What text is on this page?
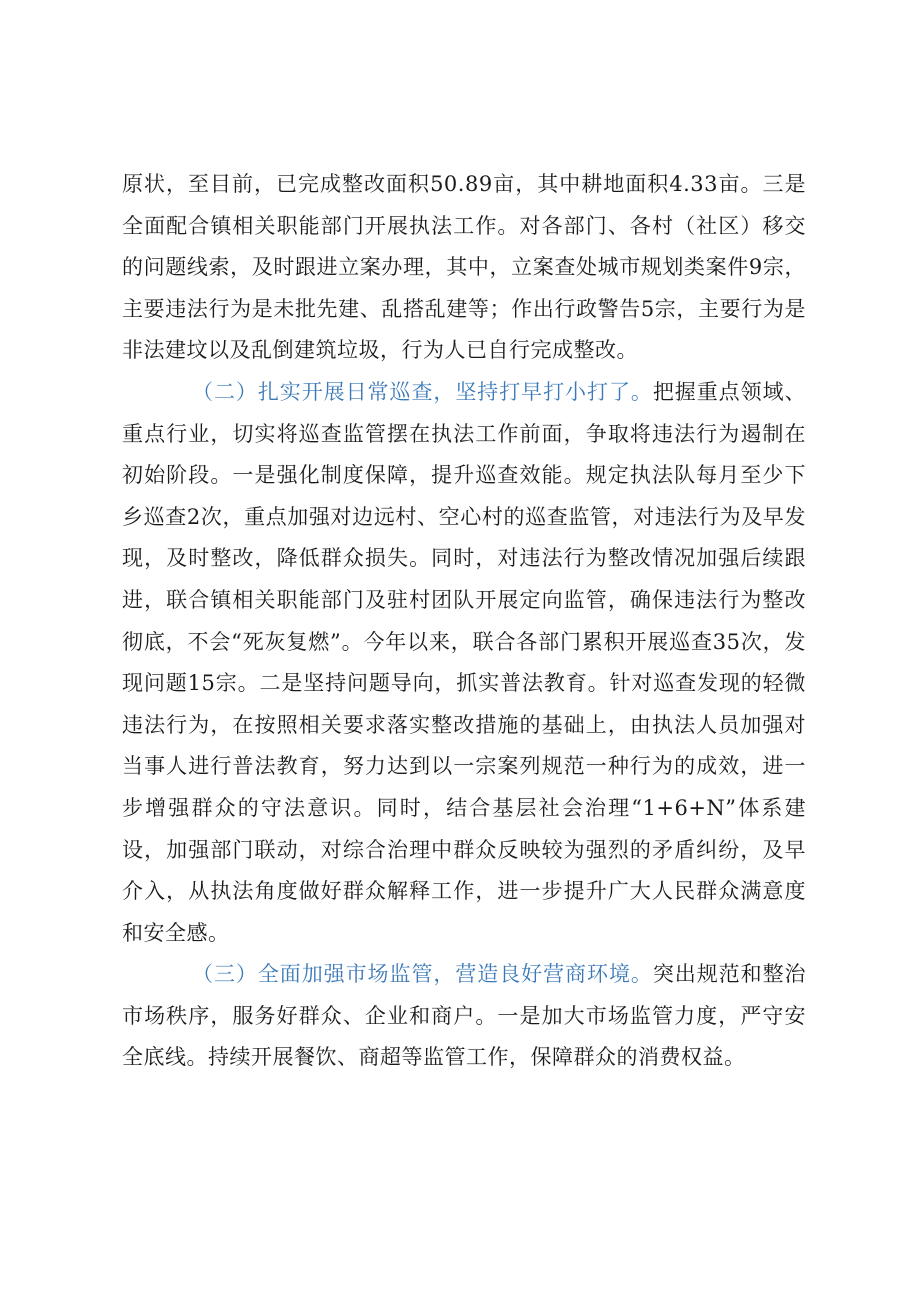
原状，至目前，已完成整改面积50.89亩，其中耕地面积4.33亩。三是全面配合镇相关职能部门开展执法工作。对各部门、各村（社区）移交的问题线索，及时跟进立案办理，其中，立案查处城市规划类案件9宗，主要违法行为是未批先建、乱搭乱建等；作出行政警告5宗，主要行为是非法建坟以及乱倒建筑垃圾，行为人已自行完成整改。

（二）扎实开展日常巡查，坚持打早打小打了。把握重点领域、重点行业，切实将巡查监管摆在执法工作前面，争取将违法行为遏制在初始阶段。一是强化制度保障，提升巡查效能。规定执法队每月至少下乡巡查2次，重点加强对边远村、空心村的巡查监管，对违法行为及早发现，及时整改，降低群众损失。同时，对违法行为整改情况加强后续跟进，联合镇相关职能部门及驻村团队开展定向监管，确保违法行为整改彻底，不会“死灰复燃”。今年以来，联合各部门累积开展巡查35次，发现问题15宗。二是坚持问题导向，抓实普法教育。针对巡查发现的轻微违法行为，在按照相关要求落实整改措施的基础上，由执法人员加强对当事人进行普法教育，努力达到以一宗案列规范一种行为的成效，进一步增强群众的守法意识。同时，结合基层社会治理“1+6+N”体系建设，加强部门联动，对综合治理中群众反映较为强烈的矛盾纠纷，及早介入，从执法角度做好群众解释工作，进一步提升广大人民群众满意度和安全感。

（三）全面加强市场监管，营造良好营商环境。突出规范和整治市场秩序，服务好群众、企业和商户。一是加大市场监管力度，严守安全底线。持续开展餐饮、商超等监管工作，保障群众的消费权益。
